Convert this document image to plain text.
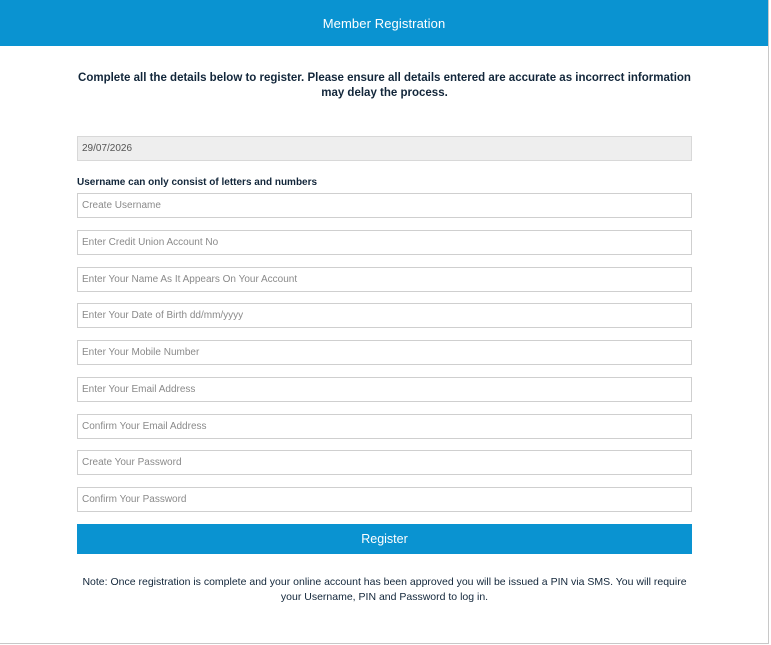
Member Registration
Complete all the details below to register. Please ensure all details entered are accurate as incorrect information may delay the process.
29/07/2026
Username can only consist of letters and numbers
Create Username
Enter Credit Union Account No
Enter Your Name As It Appears On Your Account
Enter Your Date of Birth dd/mm/yyyy
Enter Your Mobile Number
Enter Your Email Address
Confirm Your Email Address
Register
Note: Once registration is complete and your online account has been approved you will be issued a PIN via SMS. You will require your Username, PIN and Password to log in.
